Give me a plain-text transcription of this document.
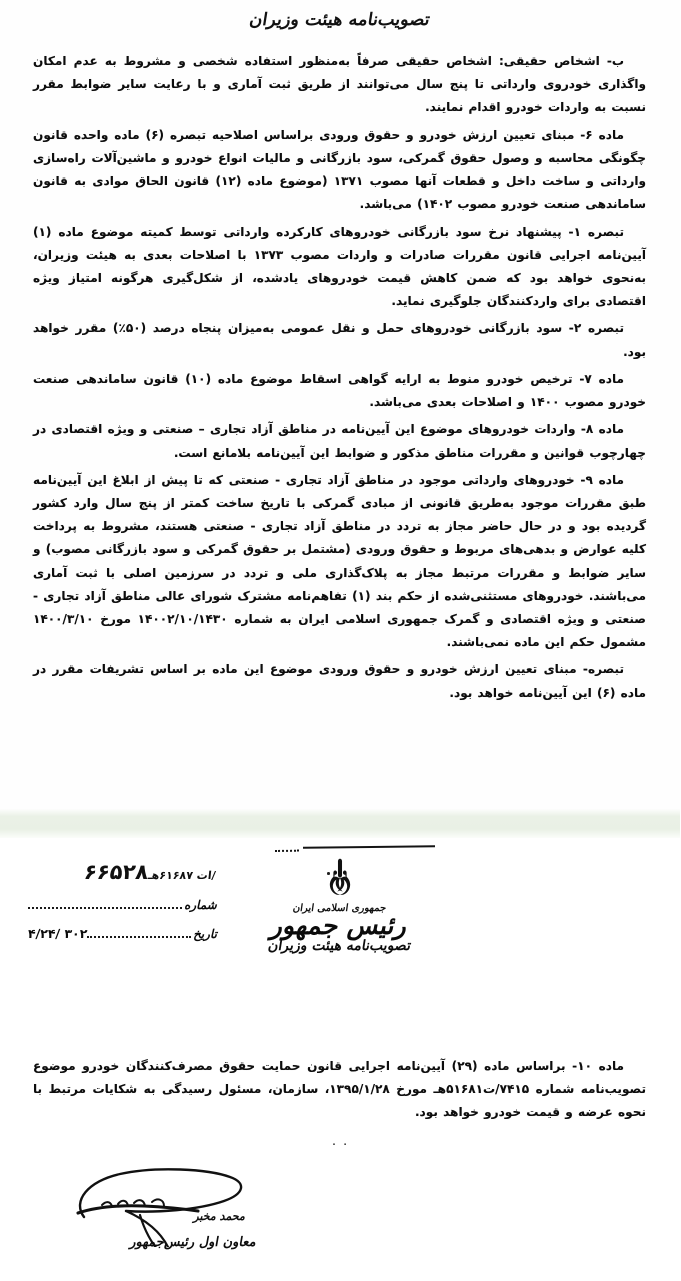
تصویب‌نامه هیئت وزیران

ب- اشخاص حقیقی: اشخاص حقیقی صرفاً به‌منظور استفاده شخصی و مشروط به عدم امکان واگذاری خودروی وارداتی تا پنج سال می‌توانند از طریق ثبت آماری و با رعایت سایر ضوابط مقرر نسبت به واردات خودرو اقدام نمایند.

ماده ۶- مبنای تعیین ارزش خودرو و حقوق ورودی براساس اصلاحیه تبصره (۶) ماده واحده قانون چگونگی محاسبه و وصول حقوق گمرکی، سود بازرگانی و مالیات انواع خودرو و ماشین‌آلات راه‌سازی وارداتی و ساخت داخل و قطعات آنها مصوب ۱۳۷۱ (موضوع ماده (۱۲) قانون الحاق موادی به قانون ساماندهی صنعت خودرو مصوب ۱۴۰۲) می‌باشد.

تبصره ۱- پیشنهاد نرخ سود بازرگانی خودروهای کارکرده وارداتی توسط کمیته موضوع ماده (۱) آیین‌نامه اجرایی قانون مقررات صادرات و واردات مصوب ۱۳۷۳ با اصلاحات بعدی به هیئت وزیران، به‌نحوی خواهد بود که ضمن کاهش قیمت خودروهای یادشده، از شکل‌گیری هرگونه امتیاز ویژه اقتصادی برای واردکنندگان جلوگیری نماید.

تبصره ۲- سود بازرگانی خودروهای حمل و نقل عمومی به‌میزان پنجاه درصد (۵۰٪) مقرر خواهد بود.

ماده ۷- ترخیص خودرو منوط به ارایه گواهی اسقاط موضوع ماده (۱۰) قانون ساماندهی صنعت خودرو مصوب ۱۴۰۰ و اصلاحات بعدی می‌باشد.

ماده ۸- واردات خودروهای موضوع این آیین‌نامه در مناطق آزاد تجاری – صنعتی و ویژه اقتصادی در چهارچوب قوانین و مقررات مناطق مذکور و ضوابط این آیین‌نامه بلامانع است.

ماده ۹- خودروهای وارداتی موجود در مناطق آزاد تجاری - صنعتی که تا پیش از ابلاغ این آیین‌نامه طبق مقررات موجود به‌طریق قانونی از مبادی گمرکی با تاریخ ساخت کمتر از پنج سال وارد کشور گردیده بود و در حال حاضر مجاز به تردد در مناطق آزاد تجاری - صنعتی هستند، مشروط به پرداخت کلیه عوارض و بدهی‌های مربوط و حقوق ورودی (مشتمل بر حقوق گمرکی و سود بازرگانی مصوب) و سایر ضوابط و مقررات مرتبط مجاز به پلاک‌گذاری ملی و تردد در سرزمین اصلی با ثبت آماری می‌باشند. خودروهای مستثنی‌شده از حکم بند (۱) تفاهم‌نامه مشترک شورای عالی مناطق آزاد تجاری - صنعتی و ویژه اقتصادی و گمرک جمهوری اسلامی ایران به شماره ۱۴۰۰۲/۱۰/۱۴۳۰ مورخ ۱۴۰۰/۳/۱۰ مشمول حکم این ماده نمی‌باشند.

تبصره- مبنای تعیین ارزش خودرو و حقوق ورودی موضوع این ماده بر اساس تشریفات مقرر در ماده (۶) این آیین‌نامه خواهد بود.

/ات ۶۱۶۸۷هـ۶۶۵۲۸
شماره
تاریخ
۳۰۲ /۴/۲۴
جمهوری اسلامی ایران
رئیس جمهور
تصویب‌نامه هیئت وزیران

ماده ۱۰- براساس ماده (۲۹) آیین‌نامه اجرایی قانون حمایت حقوق مصرف‌کنندگان خودرو موضوع تصویب‌نامه شماره ۷۴۱۵/ت۵۱۶۸۱هـ مورخ ۱۳۹۵/۱/۲۸، سازمان، مسئول رسیدگی به شکایات مرتبط با نحوه عرضه و قیمت خودرو خواهد بود.

٠ ٠
محمد مخبر
معاون اول رئیس‌جمهور
